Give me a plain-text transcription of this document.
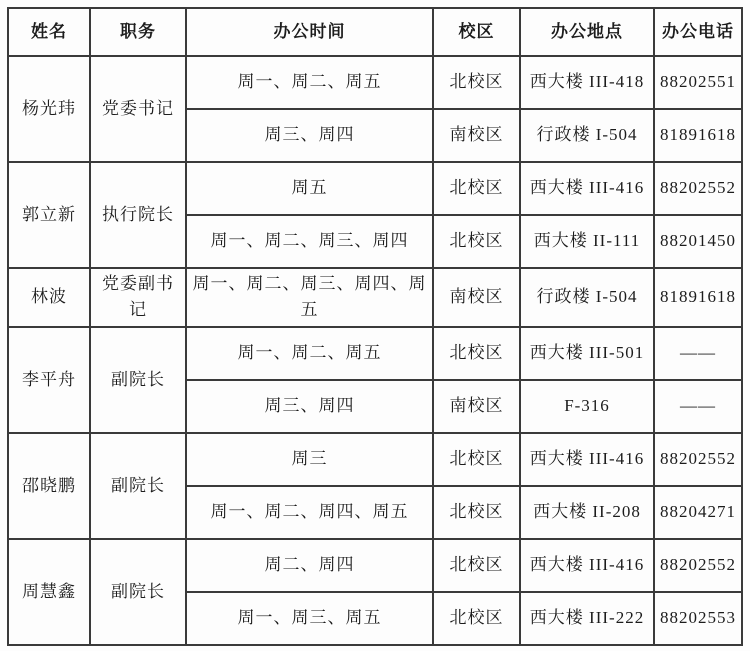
姓名	职务	办公时间	校区	办公地点	办公电话
杨光玮	党委书记	周一、周二、周五	北校区	西大楼 III-418	88202551
		周三、周四	南校区	行政楼 I-504	81891618
郭立新	执行院长	周五	北校区	西大楼 III-416	88202552
		周一、周二、周三、周四	北校区	西大楼 II-111	88201450
林波	党委副书记	周一、周二、周三、周四、周五	南校区	行政楼 I-504	81891618
李平舟	副院长	周一、周二、周五	北校区	西大楼 III-501	——
		周三、周四	南校区	F-316	——
邵晓鹏	副院长	周三	北校区	西大楼 III-416	88202552
		周一、周二、周四、周五	北校区	西大楼 II-208	88204271
周慧鑫	副院长	周二、周四	北校区	西大楼 III-416	88202552
		周一、周三、周五	北校区	西大楼 III-222	88202553
